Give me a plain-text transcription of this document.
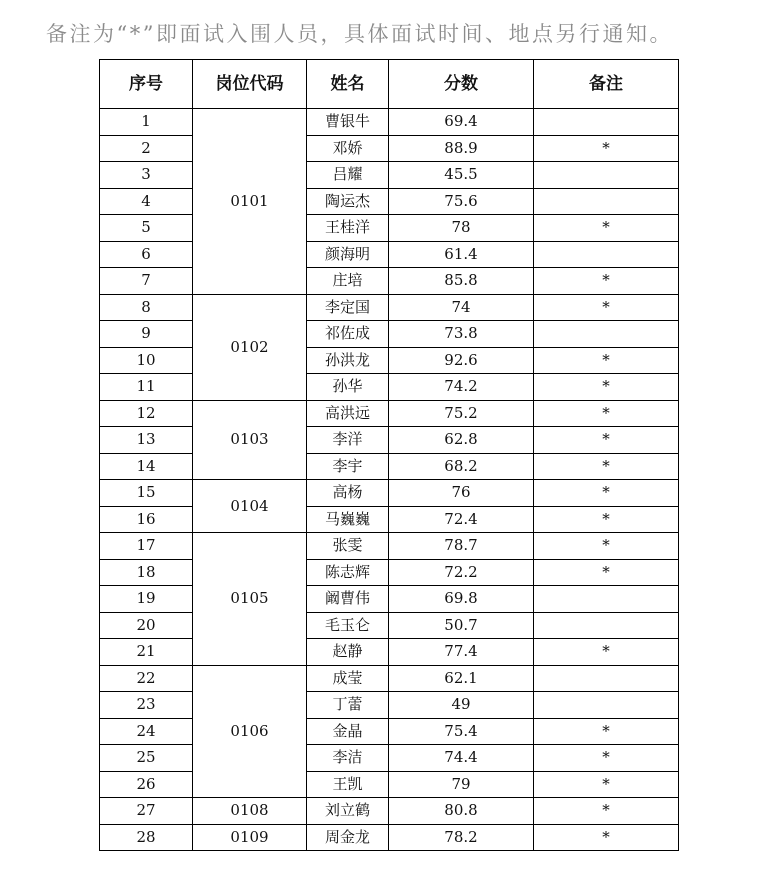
备注为“*”即面试入围人员，具体面试时间、地点另行通知。
序号	岗位代码	姓名	分数	备注
1	0101	曹银牛	69.4	
2		邓娇	88.9	*
3		吕耀	45.5	
4		陶运杰	75.6	
5		王桂洋	78	*
6		颜海明	61.4	
7		庄培	85.8	*
8	0102	李定国	74	*
9		祁佐成	73.8	
10		孙洪龙	92.6	*
11		孙华	74.2	*
12	0103	高洪远	75.2	*
13		李洋	62.8	*
14		李宇	68.2	*
15	0104	高杨	76	*
16		马巍巍	72.4	*
17	0105	张雯	78.7	*
18		陈志辉	72.2	*
19		阚曹伟	69.8	
20		毛玉仑	50.7	
21		赵静	77.4	*
22	0106	成莹	62.1	
23		丁蕾	49	
24		金晶	75.4	*
25		李洁	74.4	*
26		王凯	79	*
27	0108	刘立鹤	80.8	*
28	0109	周金龙	78.2	*
